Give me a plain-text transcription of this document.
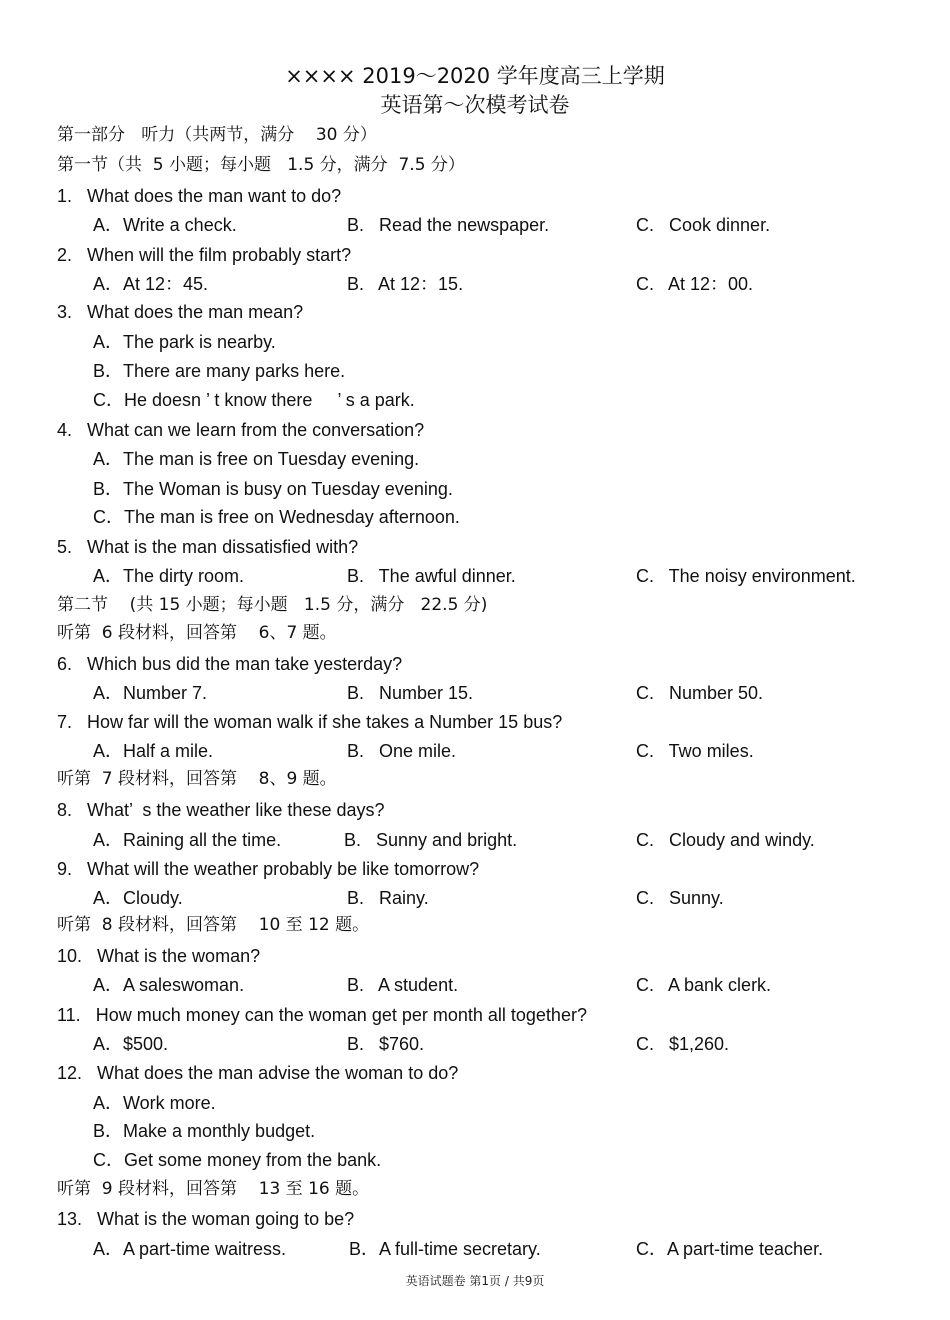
×××× 2019～2020 学年度高三上学期
英语第～次模考试卷
第一部分   听力（共两节，满分    30 分）
第一节（共  5 小题；每小题   1.5 分，满分  7.5 分）
1.   What does the man want to do?
A．Write a check.	B.   Read the newspaper.	C.   Cook dinner.
2.   When will the film probably start?
A．At 12：45.	B.   At 12：15.	C.   At 12：00.
3.   What does the man mean?
A．The park is nearby.
B．There are many parks here.
C．He doesn ’ t know there     ’ s a park.
4.   What can we learn from the conversation?
A．The man is free on Tuesday evening.
B．The Woman is busy on Tuesday evening.
C．The man is free on Wednesday afternoon.
5.   What is the man dissatisfied with?
A．The dirty room.	B.   The awful dinner.	C.   The noisy environment.
第二节    (共 15 小题；每小题   1.5 分，满分   22.5 分)
听第  6 段材料，回答第    6、7 题。
6.   Which bus did the man take yesterday?
A．Number 7.	B.   Number 15.	C.   Number 50.
7.   How far will the woman walk if she takes a Number 15 bus?
A．Half a mile.	B.   One mile.	C.   Two miles.
听第  7 段材料，回答第    8、9 题。
8.   What’  s the weather like these days?
A．Raining all the time.	B.   Sunny and bright.	C.   Cloudy and windy.
9.   What will the weather probably be like tomorrow?
A．Cloudy.	B.   Rainy.	C.   Sunny.
听第  8 段材料，回答第    10 至 12 题。
10.   What is the woman?
A．A saleswoman.	B.   A student.	C.   A bank clerk.
11.   How much money can the woman get per month all together?
A．$500.	B.   $760.	C.   $1,260.
12.   What does the man advise the woman to do?
A．Work more.
B．Make a monthly budget.
C．Get some money from the bank.
听第  9 段材料，回答第    13 至 16 题。
13.   What is the woman going to be?
A．A part-time waitress.	B．A full-time secretary.	C．A part-time teacher.
英语试题卷 第1页 / 共9页
